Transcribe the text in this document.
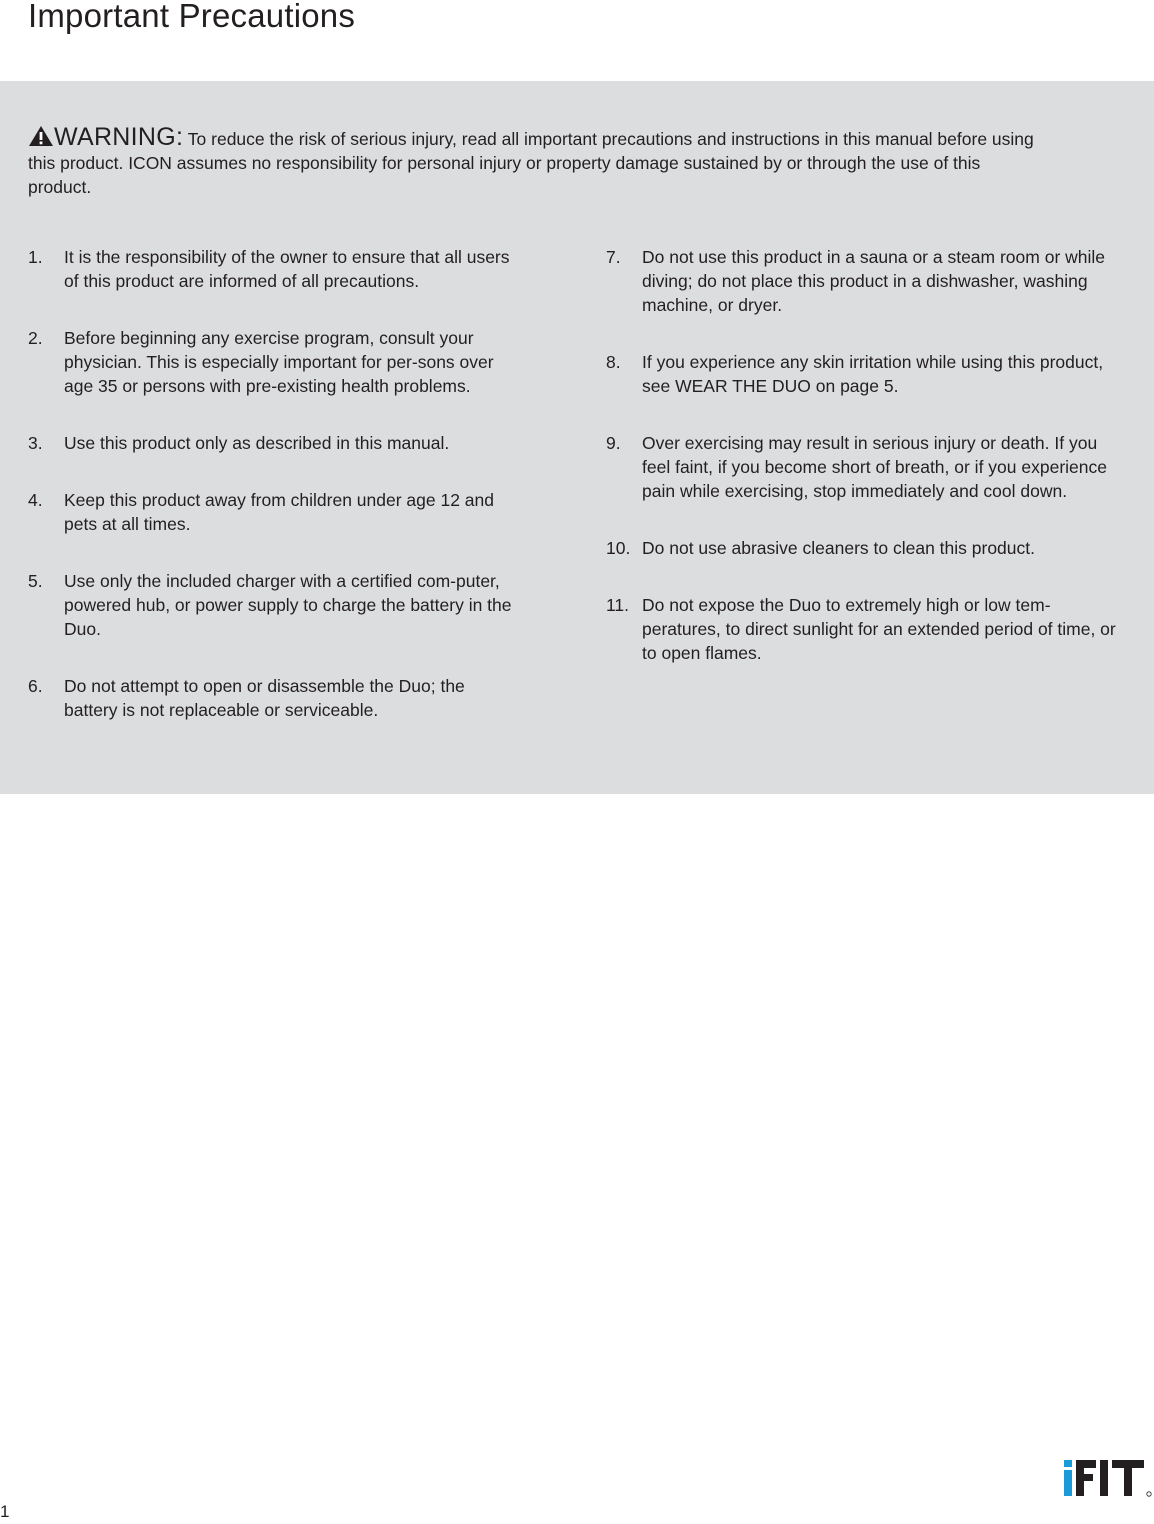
Important Precautions
WARNING: To reduce the risk of serious injury, read all important precautions and instructions in this manual before using this product. ICON assumes no responsibility for personal injury or property damage sustained by or through the use of this product.
1. It is the responsibility of the owner to ensure that all users of this product are informed of all precautions.
2. Before beginning any exercise program, consult your physician. This is especially important for per-sons over age 35 or persons with pre-existing health problems.
3. Use this product only as described in this manual.
4. Keep this product away from children under age 12 and pets at all times.
5. Use only the included charger with a certified com-puter, powered hub, or power supply to charge the battery in the Duo.
6. Do not attempt to open or disassemble the Duo; the battery is not replaceable or serviceable.
7. Do not use this product in a sauna or a steam room or while diving; do not place this product in a dishwasher, washing machine, or dryer.
8. If you experience any skin irritation while using this product, see WEAR THE DUO on page 5.
9. Over exercising may result in serious injury or death. If you feel faint, if you become short of breath, or if you experience pain while exercising, stop immediately and cool down.
10. Do not use abrasive cleaners to clean this product.
11. Do not expose the Duo to extremely high or low tem-peratures, to direct sunlight for an extended period of time, or to open flames.
1
